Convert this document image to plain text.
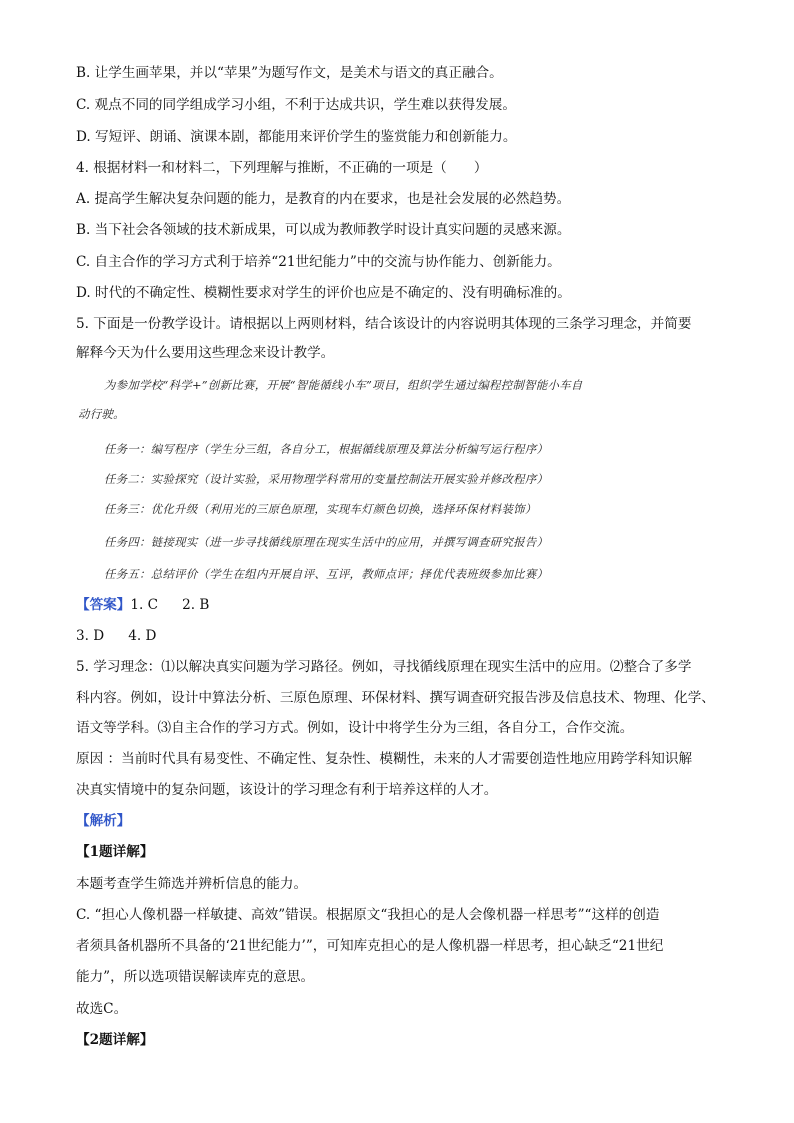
B. 让学生画苹果，并以“苹果”为题写作文，是美术与语文的真正融合。
C. 观点不同的同学组成学习小组，不利于达成共识，学生难以获得发展。
D. 写短评、朗诵、演课本剧，都能用来评价学生的鉴赏能力和创新能力。
4. 根据材料一和材料二，下列理解与推断，不正确的一项是（　　）
A. 提高学生解决复杂问题的能力，是教育的内在要求，也是社会发展的必然趋势。
B. 当下社会各领域的技术新成果，可以成为教师教学时设计真实问题的灵感来源。
C. 自主合作的学习方式利于培养“21世纪能力”中的交流与协作能力、创新能力。
D. 时代的不确定性、模糊性要求对学生的评价也应是不确定的、没有明确标准的。
5. 下面是一份教学设计。请根据以上两则材料，结合该设计的内容说明其体现的三条学习理念，并简要
解释今天为什么要用这些理念来设计教学。
为参加学校“科学+”创新比赛，开展“智能循线小车”项目，组织学生通过编程控制智能小车自
动行驶。
任务一：编写程序（学生分三组，各自分工，根据循线原理及算法分析编写运行程序）
任务二：实验探究（设计实验，采用物理学科常用的变量控制法开展实验并修改程序）
任务三：优化升级（利用光的三原色原理，实现车灯颜色切换，选择环保材料装饰）
任务四：链接现实（进一步寻找循线原理在现实生活中的应用，并撰写调查研究报告）
任务五：总结评价（学生在组内开展自评、互评，教师点评；择优代表班级参加比赛）
【答案】1. C 2. B
3. D 4. D
5. 学习理念：⑴以解决真实问题为学习路径。例如，寻找循线原理在现实生活中的应用。⑵整合了多学
科内容。例如，设计中算法分析、三原色原理、环保材料、撰写调查研究报告涉及信息技术、物理、化学、
语文等学科。⑶自主合作的学习方式。例如，设计中将学生分为三组，各自分工，合作交流。
原因 ：当前时代具有易变性、不确定性、复杂性、模糊性，未来的人才需要创造性地应用跨学科知识解
决真实情境中的复杂问题，该设计的学习理念有利于培养这样的人才。
【解析】
【1题详解】
本题考查学生筛选并辨析信息的能力。
C. “担心人像机器一样敏捷、高效”错误。根据原文“我担心的是人会像机器一样思考”“这样的创造
者须具备机器所不具备的‘21世纪能力’”，可知库克担心的是人像机器一样思考，担心缺乏“21世纪
能力”，所以选项错误解读库克的意思。
故选C。
【2题详解】
